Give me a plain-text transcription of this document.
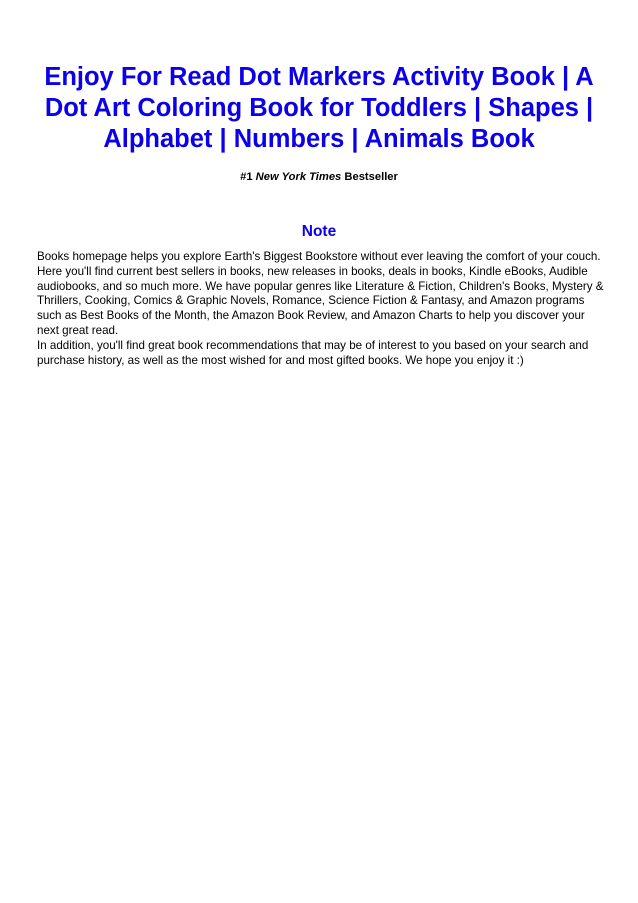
Enjoy For Read Dot Markers Activity Book | A Dot Art Coloring Book for Toddlers | Shapes | Alphabet | Numbers | Animals Book
#1 New York Times Bestseller
Note

Books homepage helps you explore Earth's Biggest Bookstore without ever leaving the comfort of your couch. Here you'll find current best sellers in books, new releases in books, deals in books, Kindle eBooks, Audible audiobooks, and so much more. We have popular genres like Literature & Fiction, Children's Books, Mystery & Thrillers, Cooking, Comics & Graphic Novels, Romance, Science Fiction & Fantasy, and Amazon programs such as Best Books of the Month, the Amazon Book Review, and Amazon Charts to help you discover your next great read.

In addition, you'll find great book recommendations that may be of interest to you based on your search and purchase history, as well as the most wished for and most gifted books. We hope you enjoy it :)
